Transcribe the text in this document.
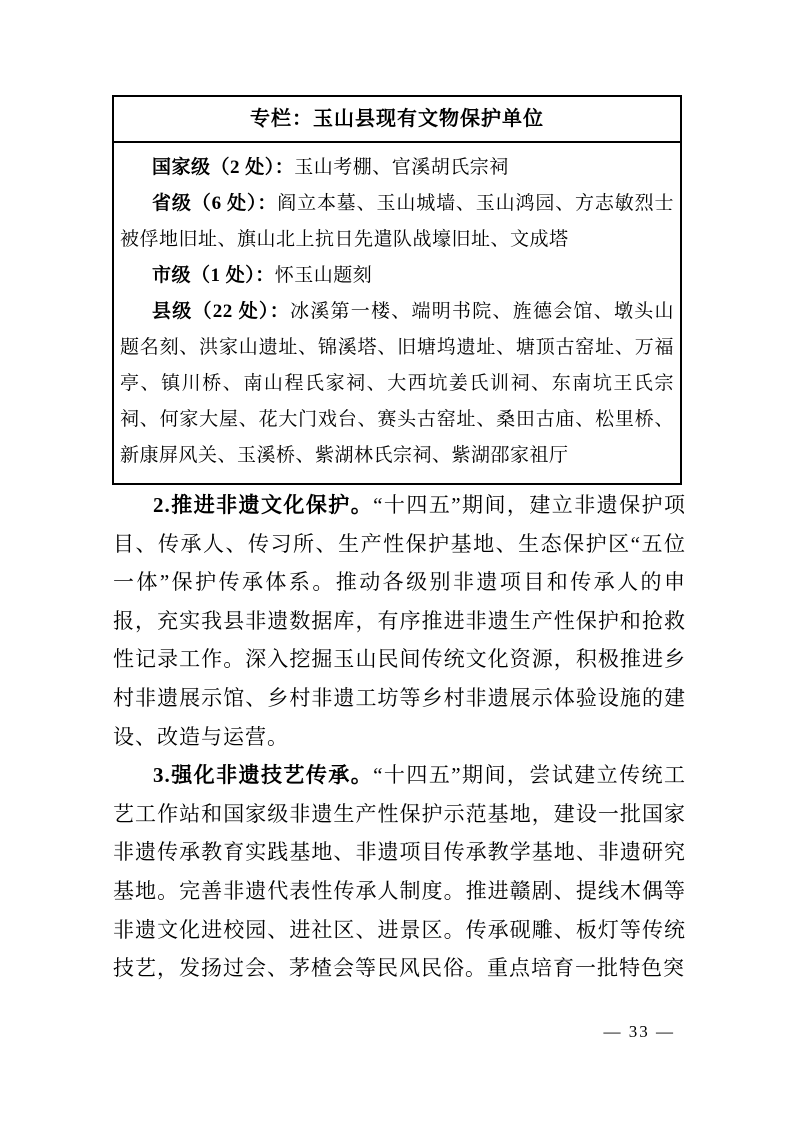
专栏：玉山县现有文物保护单位

国家级（2 处）：玉山考棚、官溪胡氏宗祠

省级（6 处）：阎立本墓、玉山城墙、玉山鸿园、方志敏烈士被俘地旧址、旗山北上抗日先遣队战壕旧址、文成塔

市级（1 处）：怀玉山题刻

县级（22 处）：冰溪第一楼、端明书院、旌德会馆、墩头山题名刻、洪家山遗址、锦溪塔、旧塘坞遗址、塘顶古窑址、万福亭、镇川桥、南山程氏家祠、大西坑姜氏训祠、东南坑王氏宗祠、何家大屋、花大门戏台、赛头古窑址、桑田古庙、松里桥、新康屏风关、玉溪桥、紫湖林氏宗祠、紫湖邵家祖厅

2.推进非遗文化保护。“十四五”期间，建立非遗保护项目、传承人、传习所、生产性保护基地、生态保护区“五位一体”保护传承体系。推动各级别非遗项目和传承人的申报，充实我县非遗数据库，有序推进非遗生产性保护和抢救性记录工作。深入挖掘玉山民间传统文化资源，积极推进乡村非遗展示馆、乡村非遗工坊等乡村非遗展示体验设施的建设、改造与运营。

3.强化非遗技艺传承。“十四五”期间，尝试建立传统工艺工作站和国家级非遗生产性保护示范基地，建设一批国家非遗传承教育实践基地、非遗项目传承教学基地、非遗研究基地。完善非遗代表性传承人制度。推进赣剧、提线木偶等非遗文化进校园、进社区、进景区。传承砚雕、板灯等传统技艺，发扬过会、茅楂会等民风民俗。重点培育一批特色突

— 33 —
